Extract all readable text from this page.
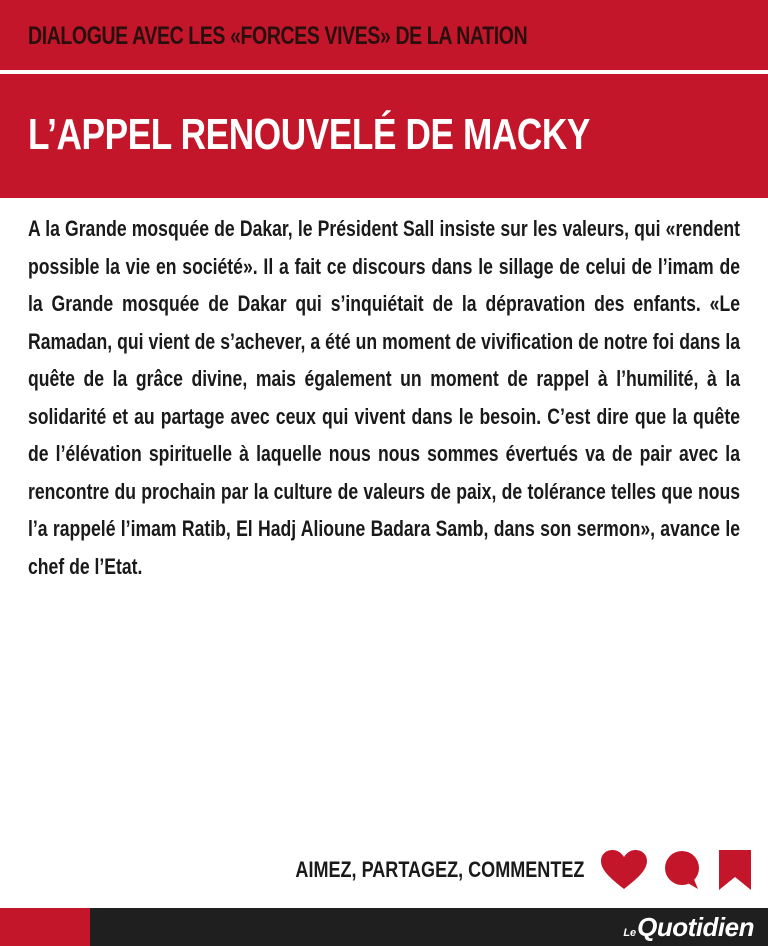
DIALOGUE AVEC LES «FORCES VIVES» DE LA NATION
L’APPEL RENOUVELÉ DE MACKY

A la Grande mosquée de Dakar, le Président Sall insiste sur les valeurs, qui «rendent possible la vie en société». Il a fait ce discours dans le sillage de celui de l’imam de la Grande mosquée de Dakar qui s’inquiétait de la dépravation des enfants. «Le Ramadan, qui vient de s’achever, a été un moment de vivification de notre foi dans la quête de la grâce divine, mais également un moment de rappel à l’humilité, à la solidarité et au partage avec ceux qui vivent dans le besoin. C’est dire que la quête de l’élévation spirituelle à laquelle nous nous sommes évertués va de pair avec la rencontre du prochain par la culture de valeurs de paix, de tolérance telles que nous l’a rappelé l’imam Ratib, El Hadj Alioune Badara Samb, dans son sermon», avance le chef de l’Etat.

AIMEZ, PARTAGEZ, COMMENTEZ
Le Quotidien
